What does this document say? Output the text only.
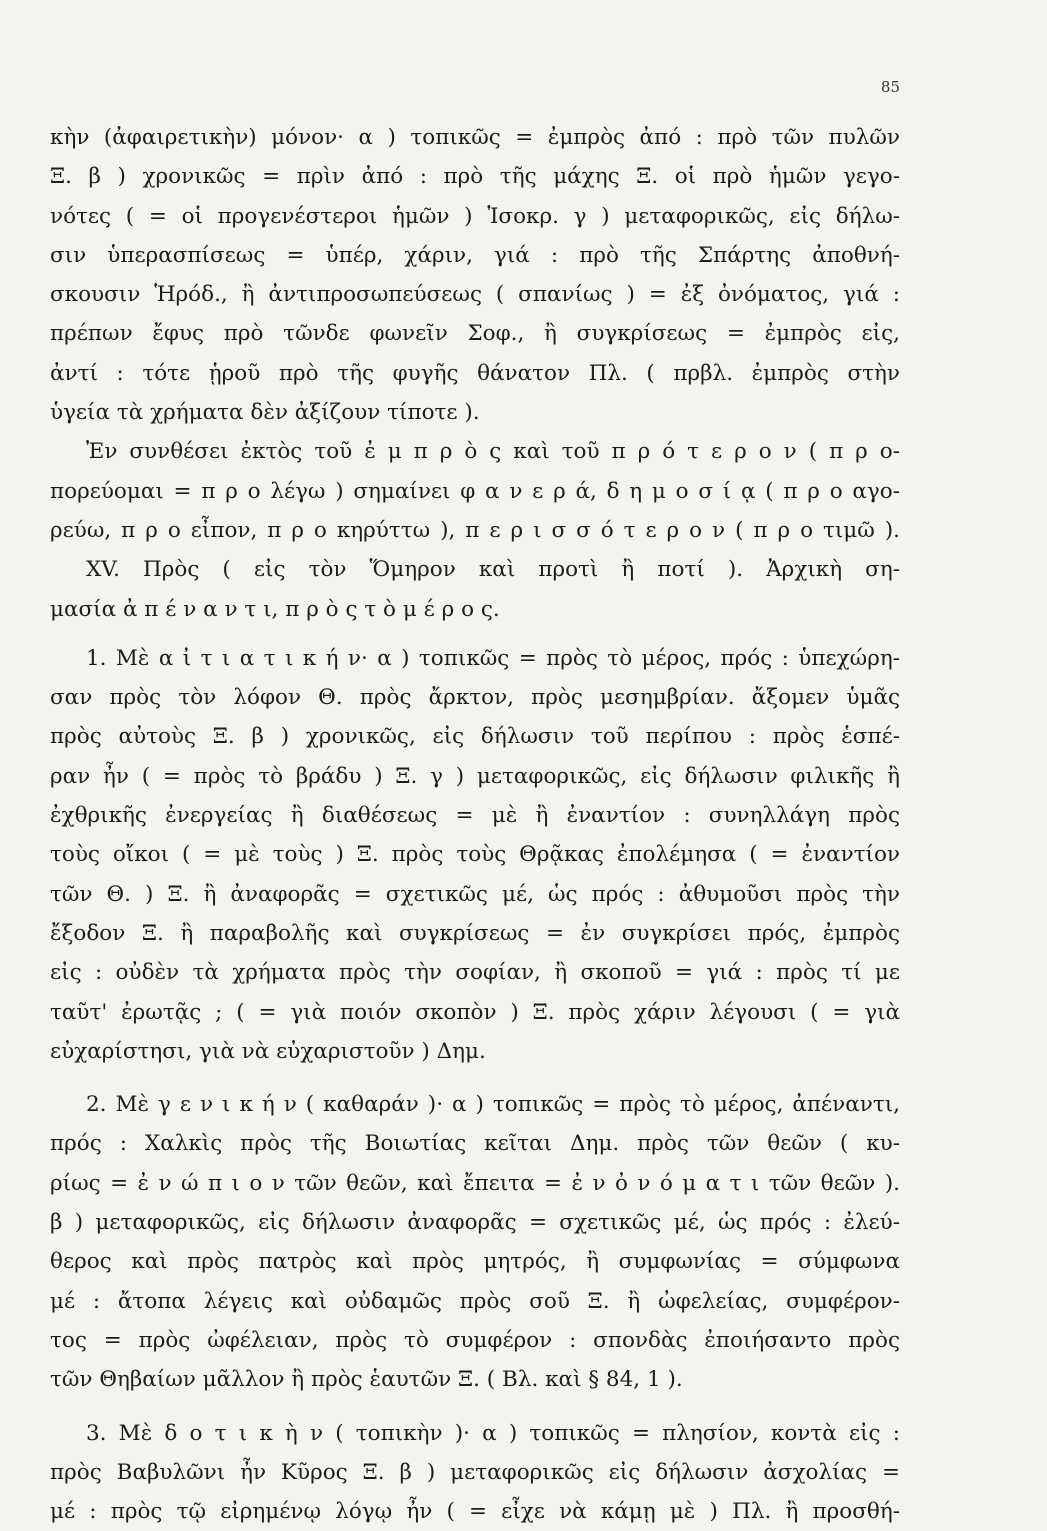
85
κὴν (ἀφαιρετικὴν) μόνον· α ) τοπικῶς = ἐμπρὸς ἀπό : πρὸ τῶν πυλῶν
Ξ. β ) χρονικῶς = πρὶν ἀπό : πρὸ τῆς μάχης Ξ. οἱ πρὸ ἡμῶν γεγο-
νότες ( = οἱ προγενέστεροι ἡμῶν ) Ἰσοκρ. γ ) μεταφορικῶς, εἰς δήλω-
σιν ὑπερασπίσεως = ὑπέρ, χάριν, γιά : πρὸ τῆς Σπάρτης ἀποθνή-
σκουσιν Ἡρόδ., ἢ ἀντιπροσωπεύσεως ( σπανίως ) = ἐξ ὀνόματος, γιά :
πρέπων ἔφυς πρὸ τῶνδε φωνεῖν Σοφ., ἢ συγκρίσεως = ἐμπρὸς εἰς,
ἀντί : τότε ᾑροῦ πρὸ τῆς φυγῆς θάνατον Πλ. ( πρβλ. ἐμπρὸς στὴν
ὑγεία τὰ χρήματα δὲν ἀξίζουν τίποτε ).
Ἐν συνθέσει ἐκτὸς τοῦ ἐ μ π ρ ὸ ς καὶ τοῦ π ρ ό τ ε ρ ο ν ( π ρ ο-
πορεύομαι = π ρ ο λέγω ) σημαίνει φ α ν ε ρ ά, δ η μ ο σ ί ᾳ ( π ρ ο αγο-
ρεύω, π ρ ο εἶπον, π ρ ο κηρύττω ), π ε ρ ι σ σ ό τ ε ρ ο ν ( π ρ ο τιμῶ ).
ΧV. Πρὸς ( εἰς τὸν Ὅμηρον καὶ προτὶ ἢ ποτί ). Ἀρχικὴ ση-
μασία ἀ π έ ν α ν τ ι, π ρ ὸ ς τ ὸ μ έ ρ ο ς.
1. Μὲ α ἰ τ ι α τ ι κ ή ν· α ) τοπικῶς = πρὸς τὸ μέρος, πρός : ὑπεχώρη-
σαν πρὸς τὸν λόφον Θ. πρὸς ἄρκτον, πρὸς μεσημβρίαν. ἄξομεν ὑμᾶς
πρὸς αὐτοὺς Ξ. β ) χρονικῶς, εἰς δήλωσιν τοῦ περίπου : πρὸς ἑσπέ-
ραν ἦν ( = πρὸς τὸ βράδυ ) Ξ. γ ) μεταφορικῶς, εἰς δήλωσιν φιλικῆς ἢ
ἐχθρικῆς ἐνεργείας ἢ διαθέσεως = μὲ ἢ ἐναντίον : συνηλλάγη πρὸς
τοὺς οἴκοι ( = μὲ τοὺς ) Ξ. πρὸς τοὺς Θρᾷκας ἐπολέμησα ( = ἐναντίον
τῶν Θ. ) Ξ. ἢ ἀναφορᾶς = σχετικῶς μέ, ὡς πρός : ἀθυμοῦσι πρὸς τὴν
ἔξοδον Ξ. ἢ παραβολῆς καὶ συγκρίσεως = ἐν συγκρίσει πρός, ἐμπρὸς
εἰς : οὐδὲν τὰ χρήματα πρὸς τὴν σοφίαν, ἢ σκοποῦ = γιά : πρὸς τί με
ταῦτ' ἐρωτᾷς ; ( = γιὰ ποιόν σκοπὸν ) Ξ. πρὸς χάριν λέγουσι ( = γιὰ
εὐχαρίστησι, γιὰ νὰ εὐχαριστοῦν ) Δημ.
2. Μὲ γ ε ν ι κ ή ν ( καθαράν )· α ) τοπικῶς = πρὸς τὸ μέρος, ἀπέναντι,
πρός : Χαλκὶς πρὸς τῆς Βοιωτίας κεῖται Δημ. πρὸς τῶν θεῶν ( κυ-
ρίως = ἐ ν ώ π ι ο ν τῶν θεῶν, καὶ ἔπειτα = ἐ ν ὀ ν ό μ α τ ι τῶν θεῶν ).
β ) μεταφορικῶς, εἰς δήλωσιν ἀναφορᾶς = σχετικῶς μέ, ὡς πρός : ἐλεύ-
θερος καὶ πρὸς πατρὸς καὶ πρὸς μητρός, ἢ συμφωνίας = σύμφωνα
μέ : ἄτοπα λέγεις καὶ οὐδαμῶς πρὸς σοῦ Ξ. ἢ ὠφελείας, συμφέρον-
τος = πρὸς ὠφέλειαν, πρὸς τὸ συμφέρον : σπονδὰς ἐποιήσαντο πρὸς
τῶν Θηβαίων μᾶλλον ἢ πρὸς ἑαυτῶν Ξ. ( Βλ. καὶ § 84, 1 ).
3. Μὲ δ ο τ ι κ ὴ ν ( τοπικὴν )· α ) τοπικῶς = πλησίον, κοντὰ εἰς :
πρὸς Βαβυλῶνι ἦν Κῦρος Ξ. β ) μεταφορικῶς εἰς δήλωσιν ἀσχολίας =
μέ : πρὸς τῷ εἰρημένῳ λόγῳ ἦν ( = εἶχε νὰ κάμῃ μὲ ) Πλ. ἢ προσθή-
